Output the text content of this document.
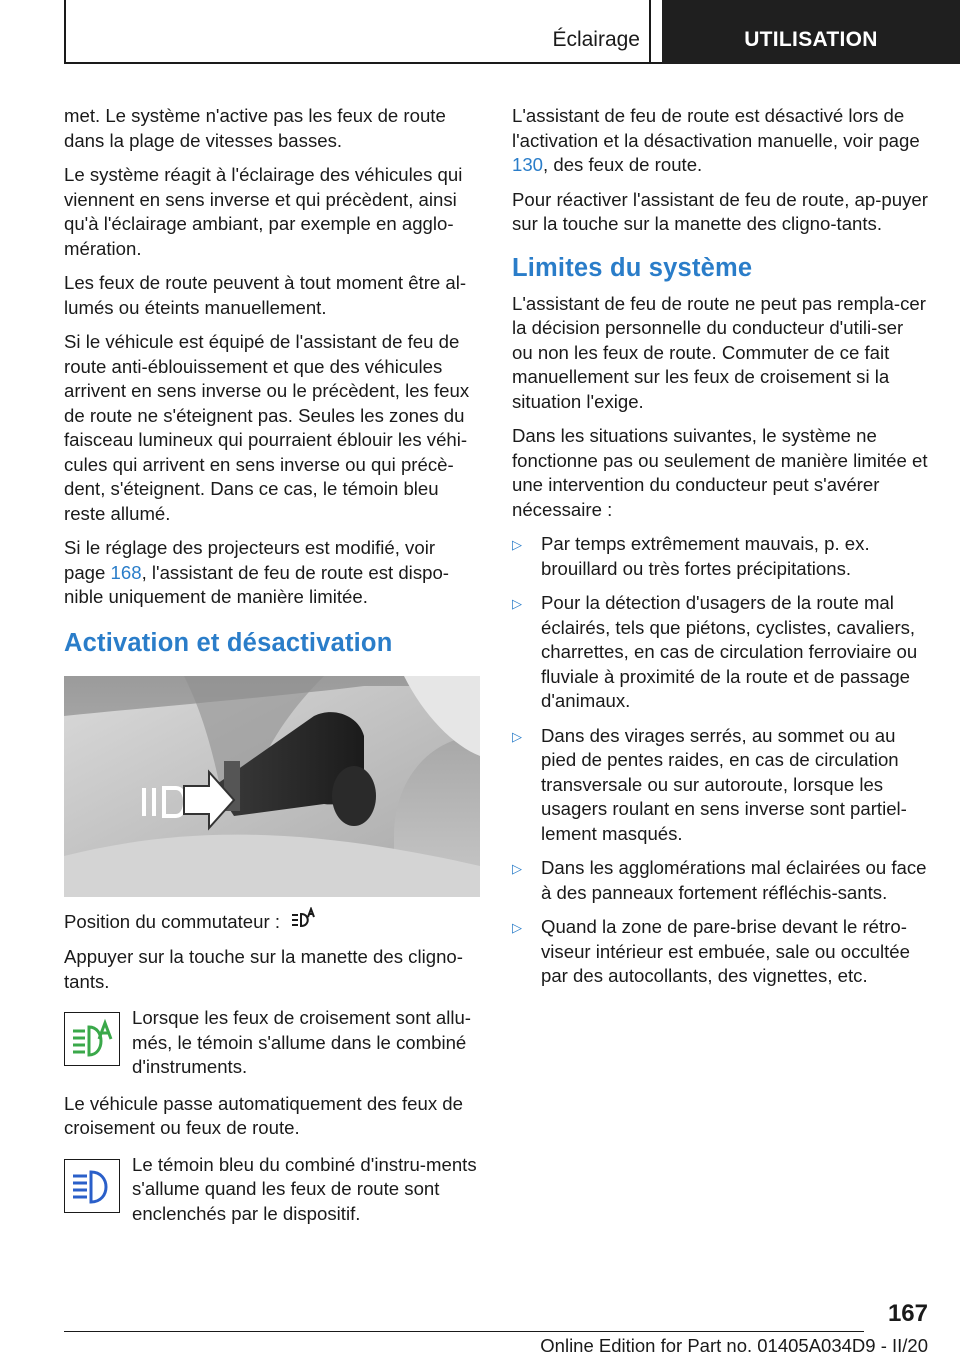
Éclairage	UTILISATION

met. Le système n'active pas les feux de route dans la plage de vitesses basses.

Le système réagit à l'éclairage des véhicules qui viennent en sens inverse et qui précèdent, ainsi qu'à l'éclairage ambiant, par exemple en agglo‐mération.

Les feux de route peuvent à tout moment être al‐lumés ou éteints manuellement.

Si le véhicule est équipé de l'assistant de feu de route anti‐éblouissement et que des véhicules arrivent en sens inverse ou le précèdent, les feux de route ne s'éteignent pas. Seules les zones du faisceau lumineux qui pourraient éblouir les véhi‐cules qui arrivent en sens inverse ou qui précè‐dent, s'éteignent. Dans ce cas, le témoin bleu reste allumé.

Si le réglage des projecteurs est modifié, voir page 168, l'assistant de feu de route est dispo‐nible uniquement de manière limitée.

Activation et désactivation
Position du commutateur :

Appuyer sur la touche sur la manette des cligno‐tants.

Lorsque les feux de croisement sont allu‐més, le témoin s'allume dans le combiné d'instruments.

Le véhicule passe automatiquement des feux de croisement ou feux de route.

Le témoin bleu du combiné d'instru‐ments s'allume quand les feux de route sont enclenchés par le dispositif.

L'assistant de feu de route est désactivé lors de l'activation et la désactivation manuelle, voir page 130, des feux de route.

Pour réactiver l'assistant de feu de route, ap‐puyer sur la touche sur la manette des cligno‐tants.

Limites du système

L'assistant de feu de route ne peut pas rempla‐cer la décision personnelle du conducteur d'utili‐ser ou non les feux de route. Commuter de ce fait manuellement sur les feux de croisement si la situation l'exige.

Dans les situations suivantes, le système ne fonctionne pas ou seulement de manière limitée et une intervention du conducteur peut s'avérer nécessaire :

▷ Par temps extrêmement mauvais, p. ex. brouillard ou très fortes précipitations.
▷ Pour la détection d'usagers de la route mal éclairés, tels que piétons, cyclistes, cavaliers, charrettes, en cas de circulation ferroviaire ou fluviale à proximité de la route et de passage d'animaux.
▷ Dans des virages serrés, au sommet ou au pied de pentes raides, en cas de circulation transversale ou sur autoroute, lorsque les usagers roulant en sens inverse sont partiel‐lement masqués.
▷ Dans les agglomérations mal éclairées ou face à des panneaux fortement réfléchis‐sants.
▷ Quand la zone de pare-brise devant le rétro‐viseur intérieur est embuée, sale ou occultée par des autocollants, des vignettes, etc.
167
Online Edition for Part no. 01405A034D9 - II/20
